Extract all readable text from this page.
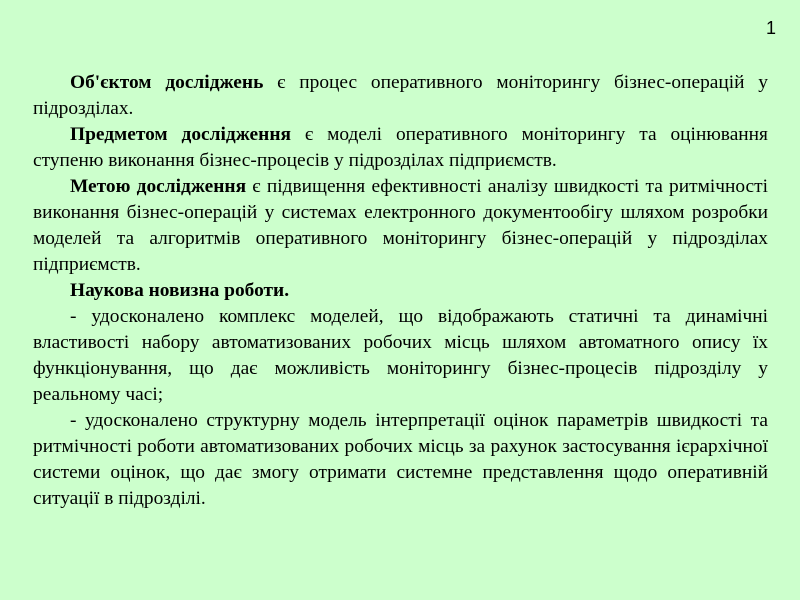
1

Об'єктом досліджень є процес оперативного моніторингу бізнес-операцій у підрозділах.

Предметом дослідження є моделі оперативного моніторингу та оцінювання ступеню виконання бізнес-процесів у підрозділах підприємств.

Метою дослідження є підвищення ефективності аналізу швидкості та ритмічності виконання бізнес-операцій у системах електронного документообігу шляхом розробки моделей та алгоритмів оперативного моніторингу бізнес-операцій у підрозділах підприємств.

Наукова новизна роботи.

- удосконалено комплекс моделей, що відображають статичні та динамічні властивості набору автоматизованих робочих місць шляхом автоматного опису їх функціонування, що дає можливість моніторингу бізнес-процесів підрозділу у реальному часі;

- удосконалено структурну модель інтерпретації оцінок параметрів швидкості та ритмічності роботи автоматизованих робочих місць за рахунок застосування ієрархічної системи оцінок, що дає змогу отримати системне представлення щодо оперативній ситуації в підрозділі.
